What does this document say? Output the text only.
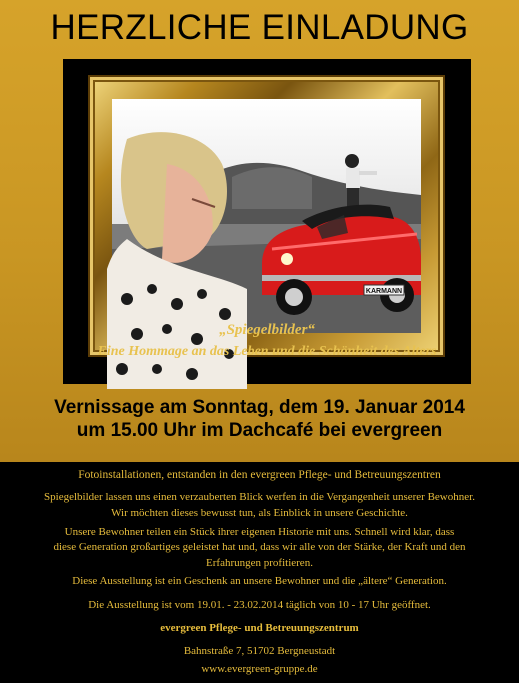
HERZLICHE EINLADUNG
KARMANN
„Spiegelbilder“
Eine Hommage an das Leben und die Schönheit des Alters
Vernissage am Sonntag, dem 19. Januar 2014
um 15.00 Uhr im Dachcafé bei evergreen
Fotoinstallationen, entstanden in den evergreen Pflege- und Betreuungszentren
Spiegelbilder lassen uns einen verzauberten Blick werfen in die Vergangenheit unserer Bewohner.
Wir möchten dieses bewusst tun, als Einblick in unsere Geschichte.
Unsere Bewohner teilen ein Stück ihrer eigenen Historie mit uns. Schnell wird klar, dass
diese Generation großartiges geleistet hat und, dass wir alle von der Stärke, der Kraft und den
Erfahrungen profitieren.
Diese Ausstellung ist ein Geschenk an unsere Bewohner und die „ältere“ Generation.
Die Ausstellung ist vom 19.01. - 23.02.2014 täglich von 10 - 17 Uhr geöffnet.
evergreen Pflege- und Betreuungszentrum
Bahnstraße 7, 51702 Bergneustadt
www.evergreen-gruppe.de
